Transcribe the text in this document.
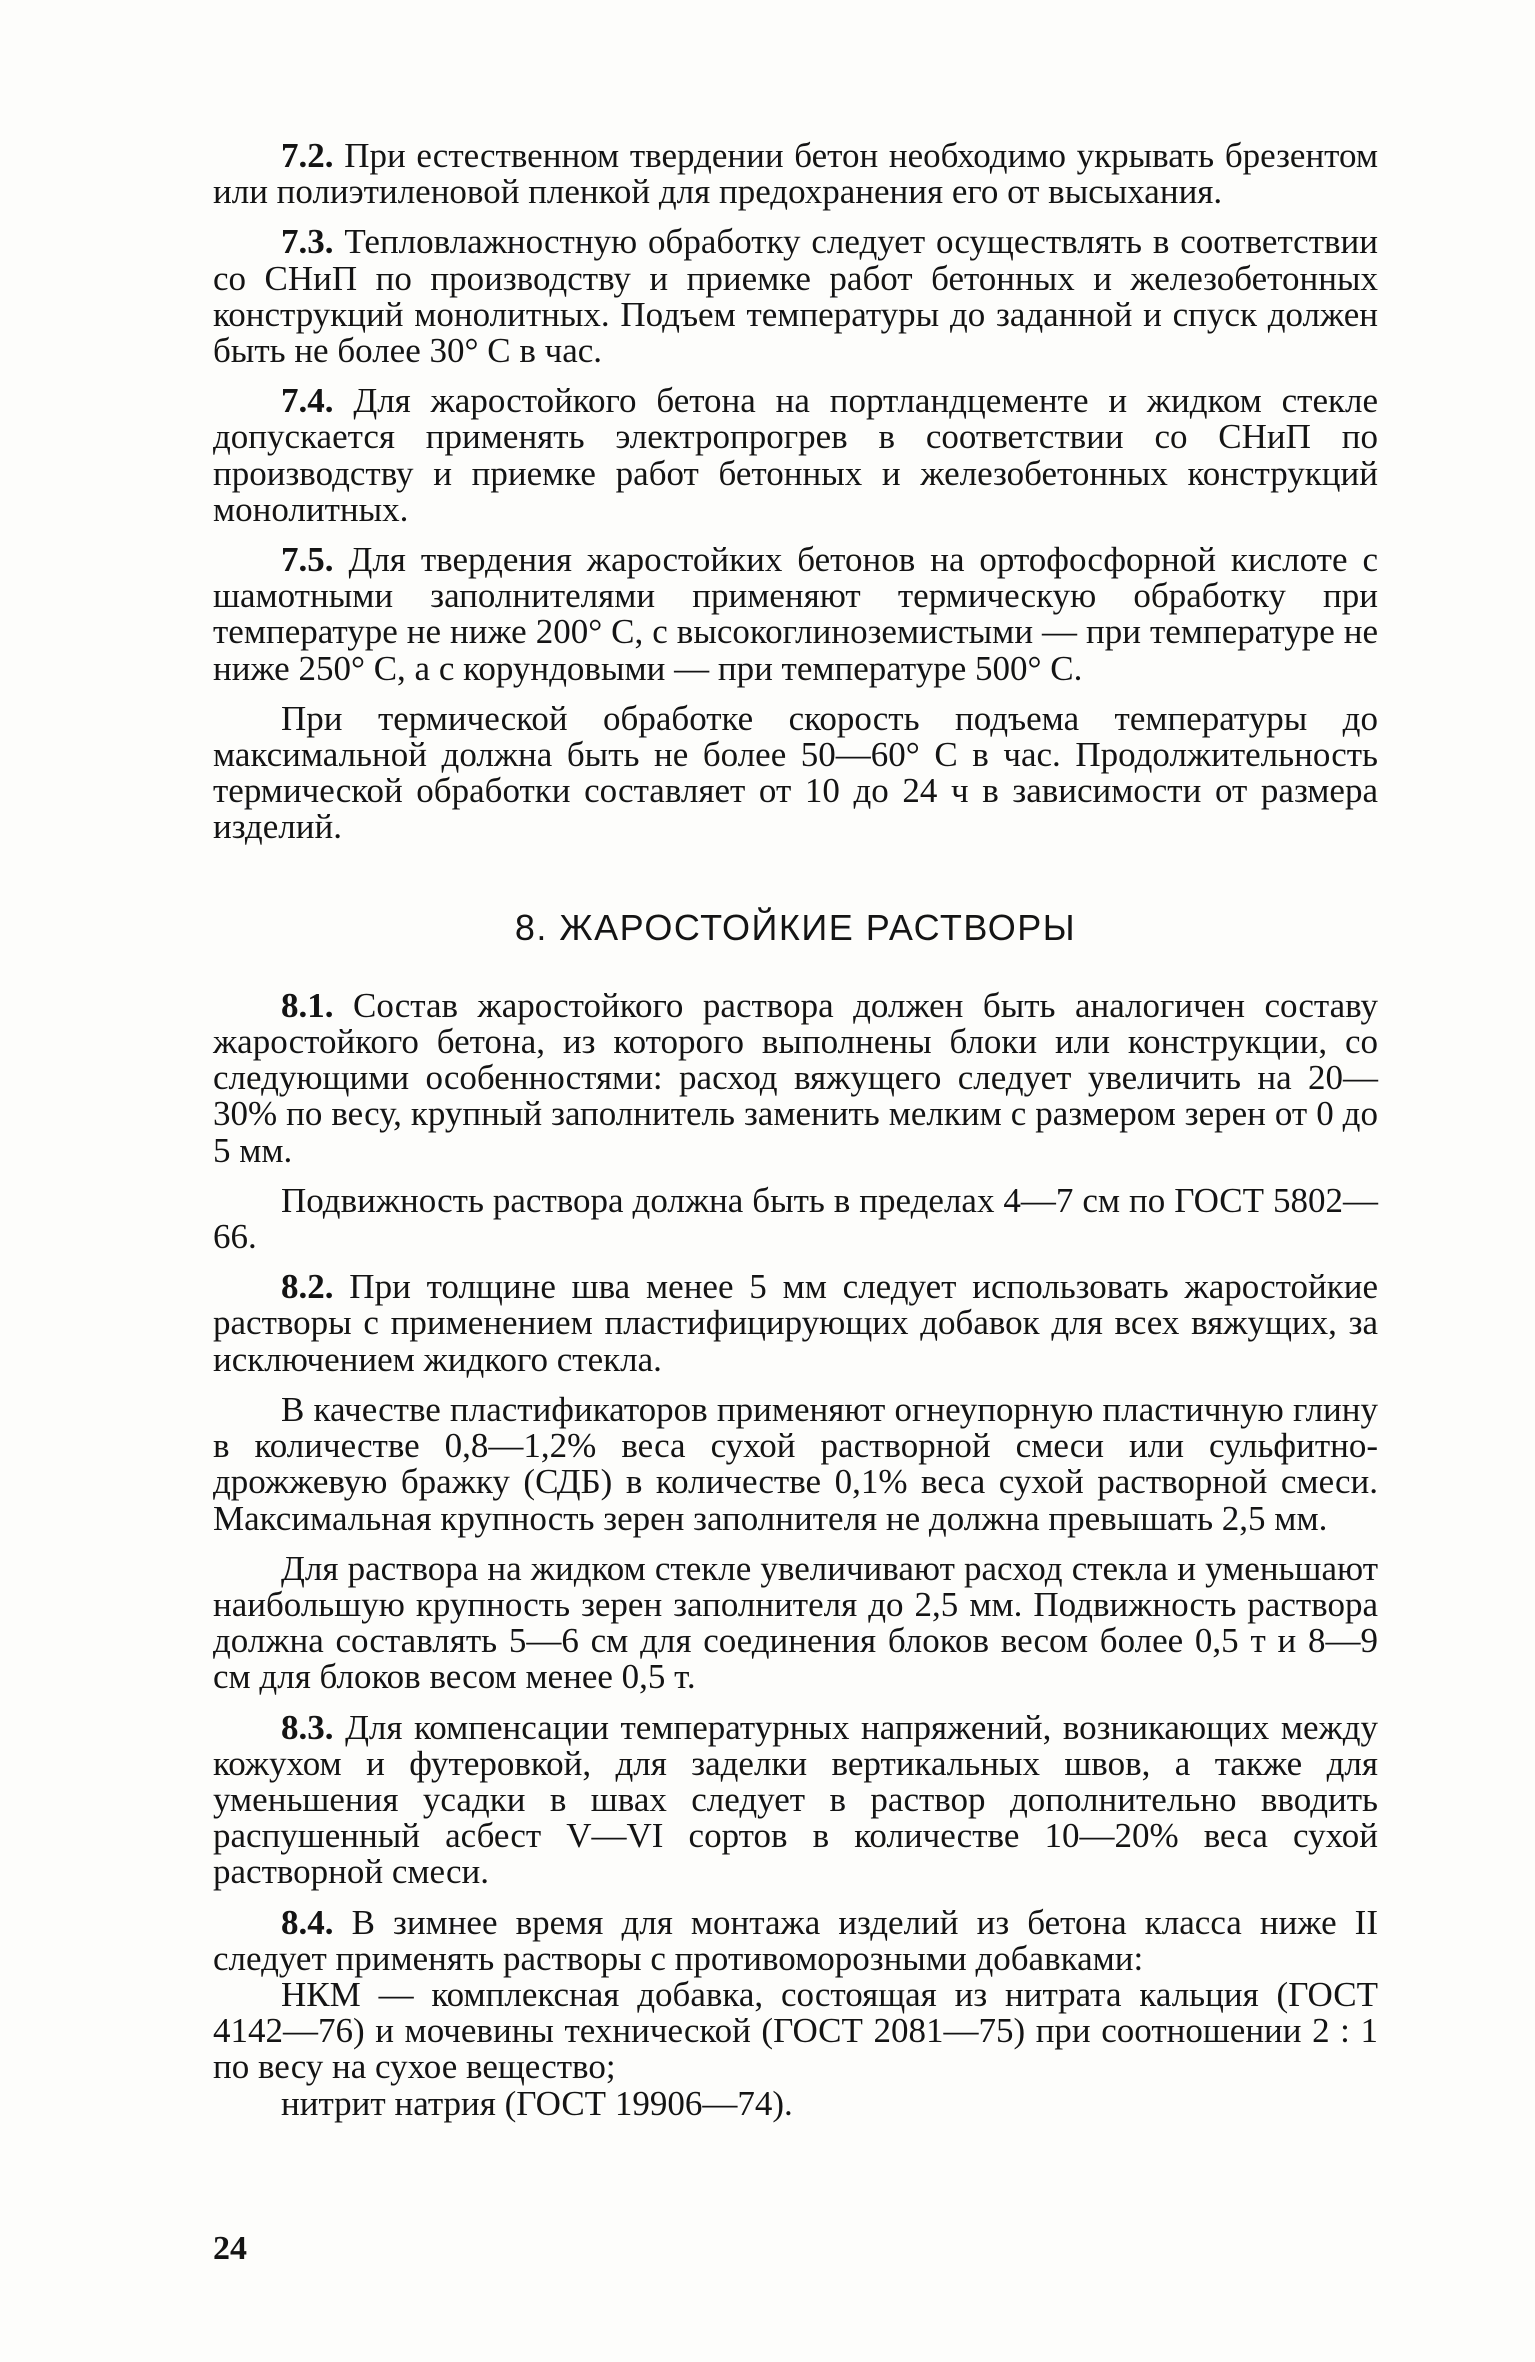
7.2. При естественном твердении бетон необходимо укрывать брезентом или полиэтиленовой пленкой для предохранения его от высыхания.

7.3. Тепловлажностную обработку следует осуществлять в соответствии со СНиП по производству и приемке работ бетонных и железобетонных конструкций монолитных. Подъем температуры до заданной и спуск должен быть не более 30° С в час.

7.4. Для жаростойкого бетона на портландцементе и жидком стекле допускается применять электропрогрев в соответствии со СНиП по производству и приемке работ бетонных и железобетонных конструкций монолитных.

7.5. Для твердения жаростойких бетонов на ортофосфорной кислоте с шамотными заполнителями применяют термическую обработку при температуре не ниже 200° С, с высокоглиноземистыми — при температуре не ниже 250° С, а с корундовыми — при температуре 500° С.

При термической обработке скорость подъема температуры до максимальной должна быть не более 50—60° С в час. Продолжительность термической обработки составляет от 10 до 24 ч в зависимости от размера изделий.

8. ЖАРОСТОЙКИЕ РАСТВОРЫ

8.1. Состав жаростойкого раствора должен быть аналогичен составу жаростойкого бетона, из которого выполнены блоки или конструкции, со следующими особенностями: расход вяжущего следует увеличить на 20—30% по весу, крупный заполнитель заменить мелким с размером зерен от 0 до 5 мм.

Подвижность раствора должна быть в пределах 4—7 см по ГОСТ 5802—66.

8.2. При толщине шва менее 5 мм следует использовать жаростойкие растворы с применением пластифицирующих добавок для всех вяжущих, за исключением жидкого стекла.

В качестве пластификаторов применяют огнеупорную пластичную глину в количестве 0,8—1,2% веса сухой растворной смеси или сульфитно-дрожжевую бражку (СДБ) в количестве 0,1% веса сухой растворной смеси. Максимальная крупность зерен заполнителя не должна превышать 2,5 мм.

Для раствора на жидком стекле увеличивают расход стекла и уменьшают наибольшую крупность зерен заполнителя до 2,5 мм. Подвижность раствора должна составлять 5—6 см для соединения блоков весом более 0,5 т и 8—9 см для блоков весом менее 0,5 т.

8.3. Для компенсации температурных напряжений, возникающих между кожухом и футеровкой, для заделки вертикальных швов, а также для уменьшения усадки в швах следует в раствор дополнительно вводить распушенный асбест V—VI сортов в количестве 10—20% веса сухой растворной смеси.

8.4. В зимнее время для монтажа изделий из бетона класса ниже II следует применять растворы с противоморозными добавками:

НКМ — комплексная добавка, состоящая из нитрата кальция (ГОСТ 4142—76) и мочевины технической (ГОСТ 2081—75) при соотношении 2 : 1 по весу на сухое вещество;

нитрит натрия (ГОСТ 19906—74).

24
